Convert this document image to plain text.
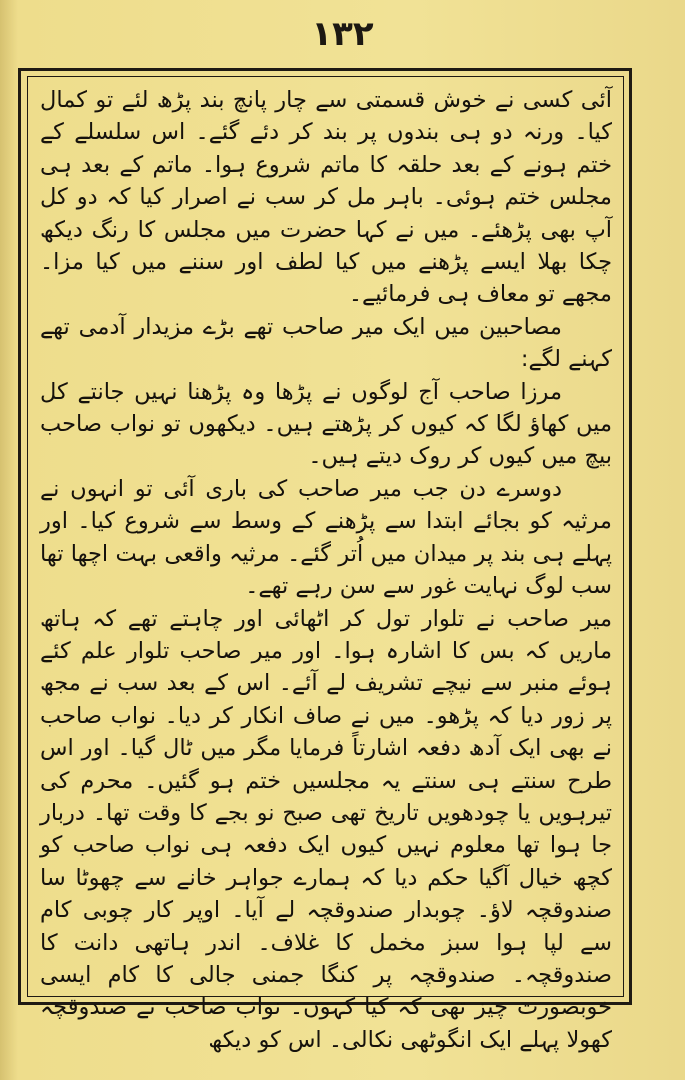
۱۳۲

آئی کسی نے خوش قسمتی سے چار پانچ بند پڑھ لئے تو کمال کیا۔ ورنہ دو ہی بندوں پر بند کر دئے گئے۔ اس سلسلے کے ختم ہونے کے بعد حلقہ کا ماتم شروع ہوا۔ ماتم کے بعد ہی مجلس ختم ہوئی۔ باہر مل کر سب نے اصرار کیا کہ دو کل آپ بھی پڑھئے۔ میں نے کہا حضرت میں مجلس کا رنگ دیکھ چکا بھلا ایسے پڑھنے میں کیا لطف اور سننے میں کیا مزا۔ مجھے تو معاف ہی فرمائیے۔

مصاحبین میں ایک میر صاحب تھے بڑے مزیدار آدمی تھے کہنے لگے:

مرزا صاحب آج لوگوں نے پڑھا وہ پڑھنا نہیں جانتے کل میں کھاؤ لگا کہ کیوں کر پڑھتے ہیں۔ دیکھوں تو نواب صاحب بیچ میں کیوں کر روک دیتے ہیں۔

دوسرے دن جب میر صاحب کی باری آئی تو انہوں نے مرثیہ کو بجائے ابتدا سے پڑھنے کے وسط سے شروع کیا۔ اور پہلے ہی بند پر میدان میں اُتر گئے۔ مرثیہ واقعی بہت اچھا تھا سب لوگ نہایت غور سے سن رہے تھے۔

میر صاحب نے تلوار تول کر اٹھائی اور چاہتے تھے کہ ہاتھ ماریں کہ بس کا اشارہ ہوا۔ اور میر صاحب تلوار علم کئے ہوئے منبر سے نیچے تشریف لے آئے۔ اس کے بعد سب نے مجھ پر زور دیا کہ پڑھو۔ میں نے صاف انکار کر دیا۔ نواب صاحب نے بھی ایک آدھ دفعہ اشارتاً فرمایا مگر میں ٹال گیا۔ اور اس طرح سنتے ہی سنتے یہ مجلسیں ختم ہو گئیں۔ محرم کی تیرہویں یا چودھویں تاریخ تھی صبح نو بجے کا وقت تھا۔ دربار جا ہوا تھا معلوم نہیں کیوں ایک دفعہ ہی نواب صاحب کو کچھ خیال آگیا حکم دیا کہ ہمارے جواہر خانے سے چھوٹا سا صندوقچہ لاؤ۔ چوبدار صندوقچہ لے آیا۔ اوپر کار چوبی کام سے لپا ہوا سبز مخمل کا غلاف۔ اندر ہاتھی دانت کا صندوقچہ۔ صندوقچہ پر کنگا جمنی جالی کا کام ایسی خوبصورت چیز تھی کہ کیا کہوں۔ نواب صاحب نے صندوقچہ کھولا پہلے ایک انگوٹھی نکالی۔ اس کو دیکھ
